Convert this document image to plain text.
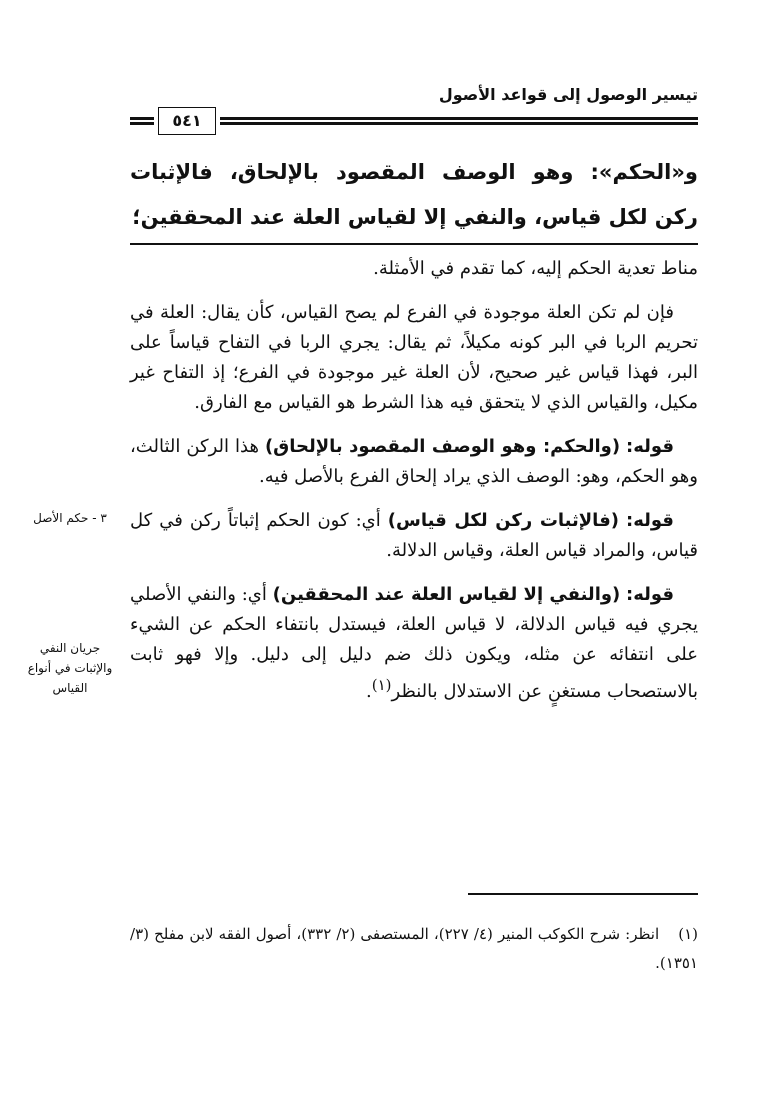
تيسير الوصول إلى قواعد الأصول
٥٤١
و«الحكم»: وهو الوصف المقصود بالإلحاق، فالإثبات ركن لكل قياس، والنفي إلا لقياس العلة عند المحققين؛

مناط تعدية الحكم إليه، كما تقدم في الأمثلة.

فإن لم تكن العلة موجودة في الفرع لم يصح القياس، كأن يقال: العلة في تحريم الربا في البر كونه مكيلاً، ثم يقال: يجري الربا في التفاح قياساً على البر، فهذا قياس غير صحيح، لأن العلة غير موجودة في الفرع؛ إذ التفاح غير مكيل، والقياس الذي لا يتحقق فيه هذا الشرط هو القياس مع الفارق.

قوله: (والحكم: وهو الوصف المقصود بالإلحاق) هذا الركن الثالث، وهو الحكم، وهو: الوصف الذي يراد إلحاق الفرع بالأصل فيه.

قوله: (فالإثبات ركن لكل قياس) أي: كون الحكم إثباتاً ركن في كل قياس، والمراد قياس العلة، وقياس الدلالة.

قوله: (والنفي إلا لقياس العلة عند المحققين) أي: والنفي الأصلي يجري فيه قياس الدلالة، لا قياس العلة، فيستدل بانتفاء الحكم عن الشيء على انتفائه عن مثله، ويكون ذلك ضم دليل إلى دليل. وإلا فهو ثابت بالاستصحاب مستغنٍ عن الاستدلال بالنظر$^{(١)}$.

٣ - حكم الأصل
جريان النفي والإثبات في أنواع القياس
(١) انظر: شرح الكوكب المنير (٤/ ٢٢٧)، المستصفى (٢/ ٣٣٢)، أصول الفقه لابن مفلح (٣/ ١٣٥١).
